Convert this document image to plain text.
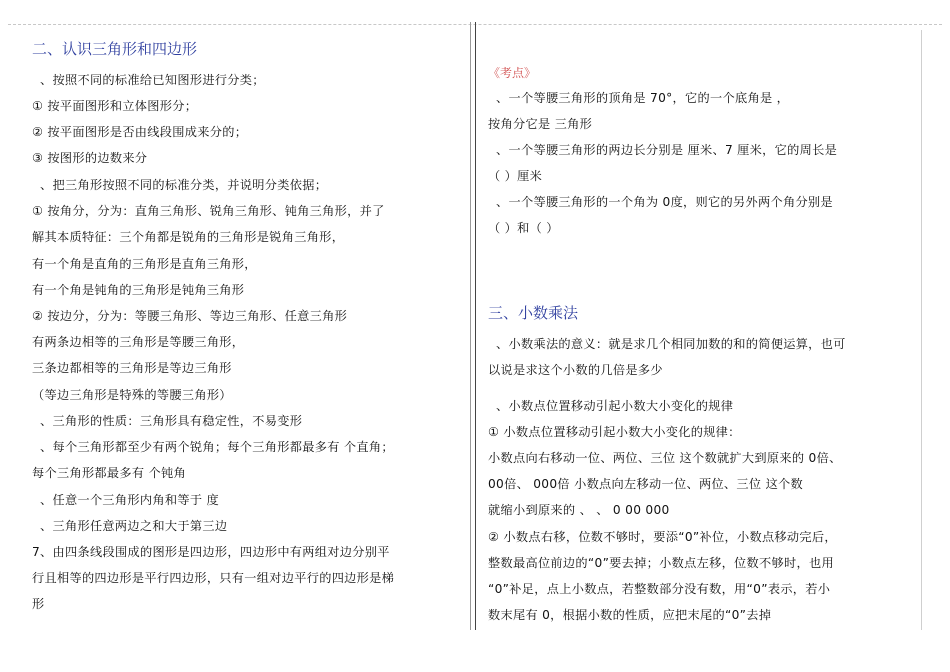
二、认识三角形和四边形
、按照不同的标准给已知图形进行分类；
① 按平面图形和立体图形分；
② 按平面图形是否由线段围成来分的；
③ 按图形的边数来分
、把三角形按照不同的标准分类，并说明分类依据；
① 按角分，分为：直角三角形、锐角三角形、钝角三角形，并了
解其本质特征：三个角都是锐角的三角形是锐角三角形，
有一个角是直角的三角形是直角三角形，
有一个角是钝角的三角形是钝角三角形
② 按边分，分为：等腰三角形、等边三角形、任意三角形
有两条边相等的三角形是等腰三角形，
三条边都相等的三角形是等边三角形
（等边三角形是特殊的等腰三角形）
、三角形的性质：三角形具有稳定性，不易变形
、每个三角形都至少有两个锐角；每个三角形都最多有 个直角；
每个三角形都最多有 个钝角
、任意一个三角形内角和等于 度
、三角形任意两边之和大于第三边
7、由四条线段围成的图形是四边形，四边形中有两组对边分别平
行且相等的四边形是平行四边形，只有一组对边平行的四边形是梯
形
《考点》
、一个等腰三角形的顶角是 70°，它的一个底角是 ，
按角分它是 三角形
、一个等腰三角形的两边长分别是 厘米、7 厘米，它的周长是
（ ）厘米
、一个等腰三角形的一个角为 0度，则它的另外两个角分别是
（ ）和（ ）
三、小数乘法
、小数乘法的意义：就是求几个相同加数的和的简便运算，也可
以说是求这个小数的几倍是多少
、小数点位置移动引起小数大小变化的规律
① 小数点位置移动引起小数大小变化的规律：
小数点向右移动一位、两位、三位 这个数就扩大到原来的 0倍、
00倍、 000倍 小数点向左移动一位、两位、三位 这个数
就缩小到原来的 、 、 0 00 000
② 小数点右移，位数不够时，要添“0”补位，小数点移动完后，
整数最高位前边的“0”要去掉；小数点左移，位数不够时，也用
“0”补足，点上小数点，若整数部分没有数，用“0”表示，若小
数末尾有 0，根据小数的性质，应把末尾的“0”去掉
